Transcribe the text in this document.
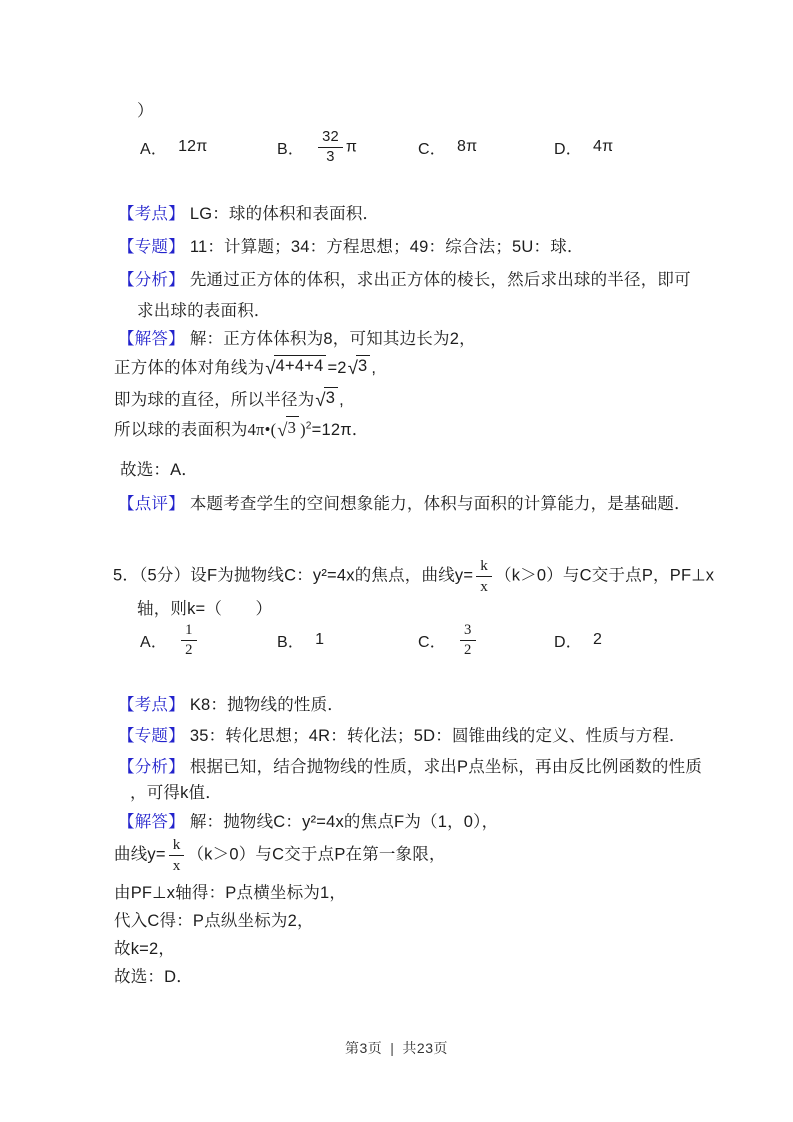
）
A． 12π	B． $\frac{32}{3}$ π	C． 8π	D． 4π
【考点】 LG：球的体积和表面积．
【专题】 11：计算题；34：方程思想；49：综合法；5U：球．
【分析】 先通过正方体的体积，求出正方体的棱长，然后求出球的半径，即可
求出球的表面积．
【解答】 解：正方体体积为8，可知其边长为2，
正方体的体对角线为 √ 4+4+4 =2 √ 3 ,
即为球的直径，所以半径为 √ 3 ,
所以球的表面积为4π•( √ 3 )$^2$=12π．
故选：A．
【点评】 本题考查学生的空间想象能力，体积与面积的计算能力，是基础题．
5．（5分）设F为抛物线C：y²=4x的焦点，曲线$y= \frac{k}{x} (k>0)$与C交于点P，PF⊥x
轴，则k=（　　）
A． $\frac{1}{2}$	B． 1	C． $\frac{3}{2}$	D． 2
【考点】 K8：抛物线的性质．
【专题】 35：转化思想；4R：转化法；5D：圆锥曲线的定义、性质与方程．
【分析】 根据已知，结合抛物线的性质，求出P点坐标，再由反比例函数的性质
，可得k值．
【解答】 解：抛物线C：y²=4x的焦点F为（1，0），
曲线$y= \frac{k}{x} (k>0)$与C交于点P在第一象限，
由PF⊥x轴得：P点横坐标为1，
代入C得：P点纵坐标为2，
故k=2，
故选：D．
第3页 | 共23页
